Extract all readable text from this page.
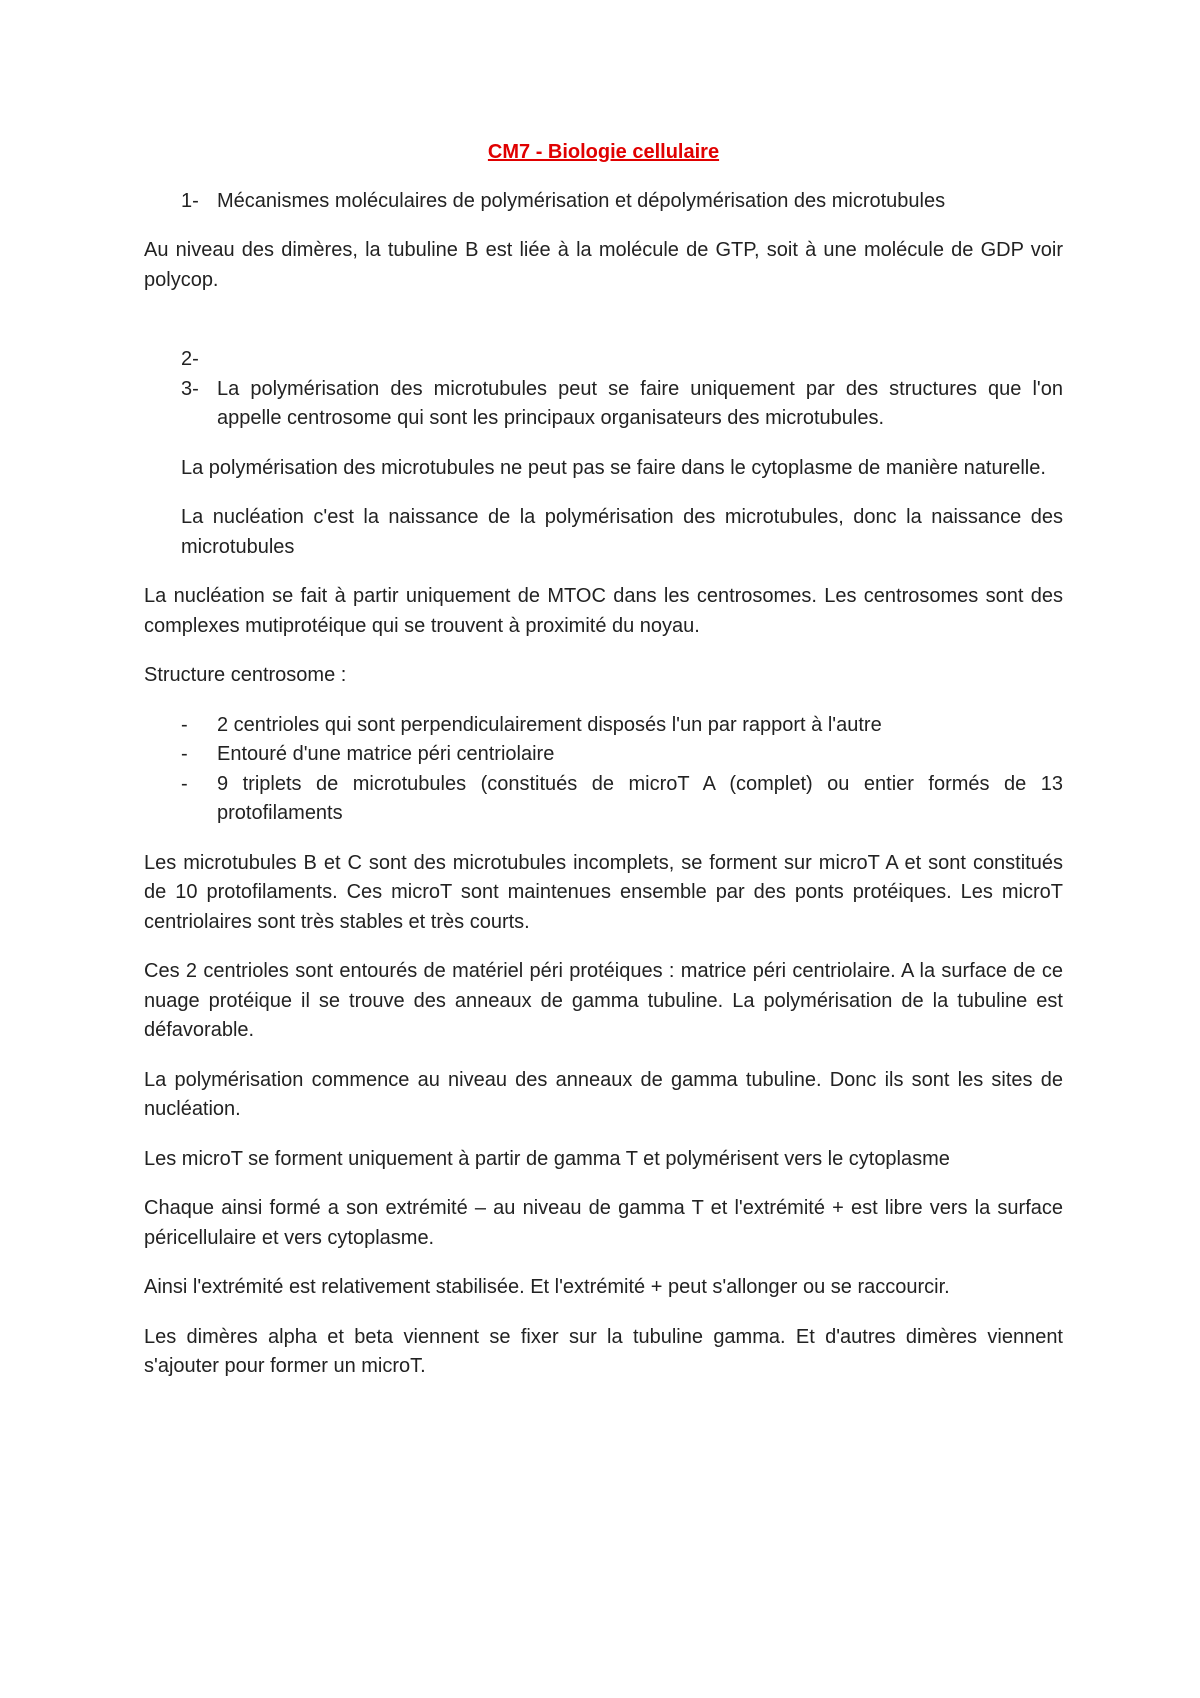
CM7 - Biologie cellulaire
1- Mécanismes moléculaires de polymérisation et dépolymérisation des microtubules
Au niveau des dimères, la tubuline B est liée à la molécule de GTP, soit à une molécule de GDP voir polycop.
2-
3- La polymérisation des microtubules peut se faire uniquement par des structures que l'on appelle centrosome qui sont les principaux organisateurs des microtubules.
La polymérisation des microtubules ne peut pas se faire dans le cytoplasme de manière naturelle.
La nucléation c'est la naissance de la polymérisation des microtubules, donc la naissance des microtubules
La nucléation se fait à partir uniquement de MTOC dans les centrosomes. Les centrosomes sont des complexes mutiprotéique qui se trouvent à proximité du noyau.
Structure centrosome :
-	2 centrioles qui sont perpendiculairement disposés l'un par rapport à l'autre
-	Entouré d'une matrice péri centriolaire
-	9 triplets de microtubules (constitués de microT A (complet) ou entier formés de 13 protofilaments
Les microtubules B et C sont des microtubules incomplets, se forment sur microT A et sont constitués de 10 protofilaments. Ces microT sont maintenues ensemble par des ponts protéiques. Les microT centriolaires sont très stables et très courts.
Ces 2 centrioles sont entourés de matériel péri protéiques : matrice péri centriolaire. A la surface de ce nuage protéique il se trouve des anneaux de gamma tubuline. La polymérisation de la tubuline est défavorable.
La polymérisation commence au niveau des anneaux de gamma tubuline. Donc ils sont les sites de nucléation.
Les microT se forment uniquement à partir de gamma T et polymérisent vers le cytoplasme
Chaque ainsi formé a son extrémité – au niveau de gamma T et l'extrémité + est libre vers la surface péricellulaire et vers cytoplasme.
Ainsi l'extrémité est relativement stabilisée. Et l'extrémité + peut s'allonger ou se raccourcir.
Les dimères alpha et beta viennent se fixer sur la tubuline gamma. Et d'autres dimères viennent s'ajouter pour former un microT.
